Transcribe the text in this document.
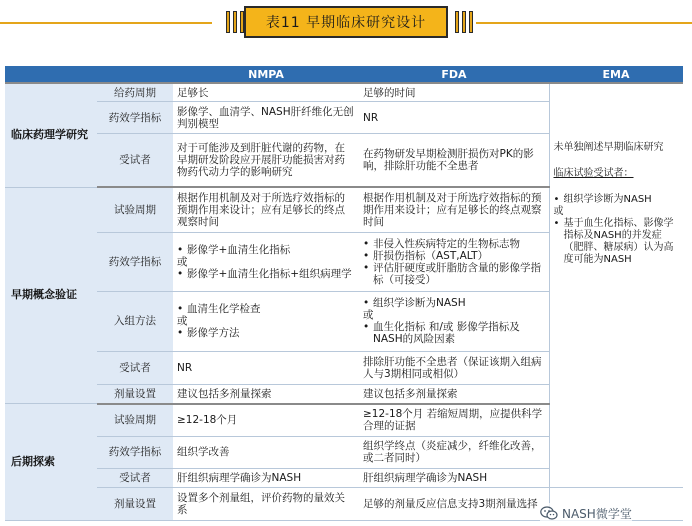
表11 早期临床研究设计
		NMPA	FDA	EMA
临床药理学研究	给药周期	足够长	足够的时间	未单独阐述早期临床研究
临床试验受试者：
• 组织学诊断为NASH
或
• 基于血生化指标、影像学指标及NASH的并发症（肥胖、糖尿病）认为高度可能为NASH

	药效学指标	影像学、血清学、NASH肝纤维化无创判别模型	NR	
	受试者	对于可能涉及到肝脏代谢的药物，在早期研发阶段应开展肝功能损害对药物药代动力学的影响研究	在药物研发早期检测肝损伤对PK的影响，排除肝功能不全患者	
早期概念验证	试验周期	根据作用机制及对于所选疗效指标的预期作用来设计；应有足够长的终点观察时间	根据作用机制及对于所选疗效指标的预期作用来设计；应有足够长的终点观察时间	
	药效学指标	• 影像学+血清生化指标
或
• 影像学+血清生化指标+组织病理学	• 非侵入性疾病特定的生物标志物
• 肝损伤指标（AST,ALT）
• 评估肝硬度或肝脂肪含量的影像学指标（可接受）

	入组方法	• 血清生化学检查
或
• 影像学方法	• 组织学诊断为NASH
或
• 血生化指标 和/或 影像学指标及NASH的风险因素

	受试者	NR	排除肝功能不全患者（保证该期入组病人与3期相同或相似）	
	剂量设置	建议包括多剂量探索	建议包括多剂量探索	
后期探索	试验周期	≥12-18个月	≥12-18个月 若缩短周期，应提供科学合理的证据	
	药效学指标	组织学改善	组织学终点（炎症减少，纤维化改善，或二者同时）	
	受试者	肝组织病理学确诊为NASH	肝组织病理学确诊为NASH	
	剂量设置	设置多个剂量组，评价药物的量效关系	足够的剂量反应信息支持3期剂量选择	
NASH微学堂
